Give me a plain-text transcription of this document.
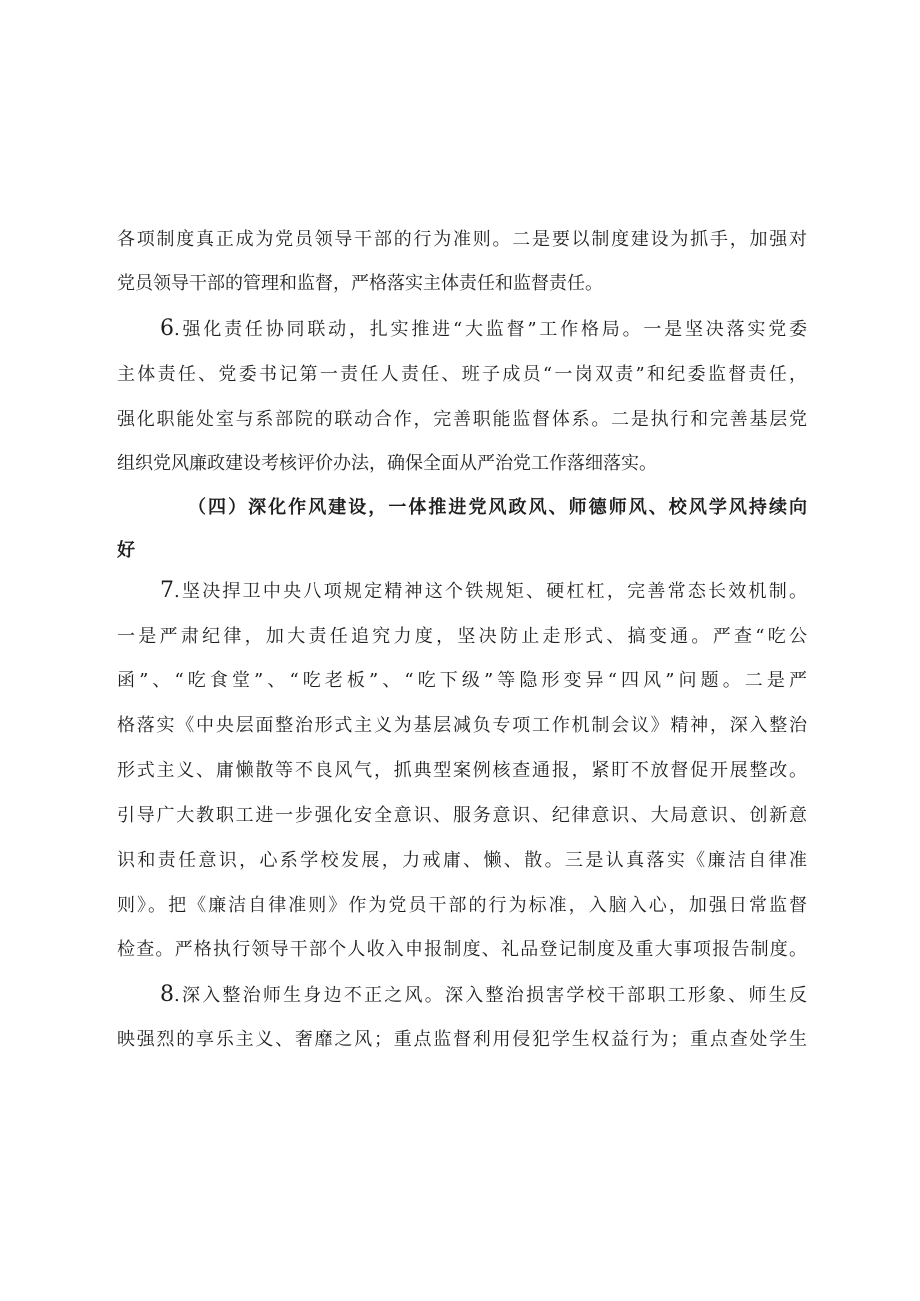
各项制度真正成为党员领导干部的行为准则。二是要以制度建设为抓手，加强对

党员领导干部的管理和监督，严格落实主体责任和监督责任。

6.强化责任协同联动，扎实推进“大监督”工作格局。一是坚决落实党委

主体责任、党委书记第一责任人责任、班子成员“一岗双责”和纪委监督责任，

强化职能处室与系部院的联动合作，完善职能监督体系。二是执行和完善基层党

组织党风廉政建设考核评价办法，确保全面从严治党工作落细落实。

（四）深化作风建设，一体推进党风政风、师德师风、校风学风持续向

好

7.坚决捍卫中央八项规定精神这个铁规矩、硬杠杠，完善常态长效机制。

一是严肃纪律，加大责任追究力度，坚决防止走形式、搞变通。严查“吃公

函”、“吃食堂”、“吃老板”、“吃下级”等隐形变异“四风”问题。二是严

格落实《中央层面整治形式主义为基层减负专项工作机制会议》精神，深入整治

形式主义、庸懒散等不良风气，抓典型案例核查通报，紧盯不放督促开展整改。

引导广大教职工进一步强化安全意识、服务意识、纪律意识、大局意识、创新意

识和责任意识，心系学校发展，力戒庸、懒、散。三是认真落实《廉洁自律准

则》。把《廉洁自律准则》作为党员干部的行为标准，入脑入心，加强日常监督

检查。严格执行领导干部个人收入申报制度、礼品登记制度及重大事项报告制度。

8.深入整治师生身边不正之风。深入整治损害学校干部职工形象、师生反

映强烈的享乐主义、奢靡之风；重点监督利用侵犯学生权益行为；重点查处学生
